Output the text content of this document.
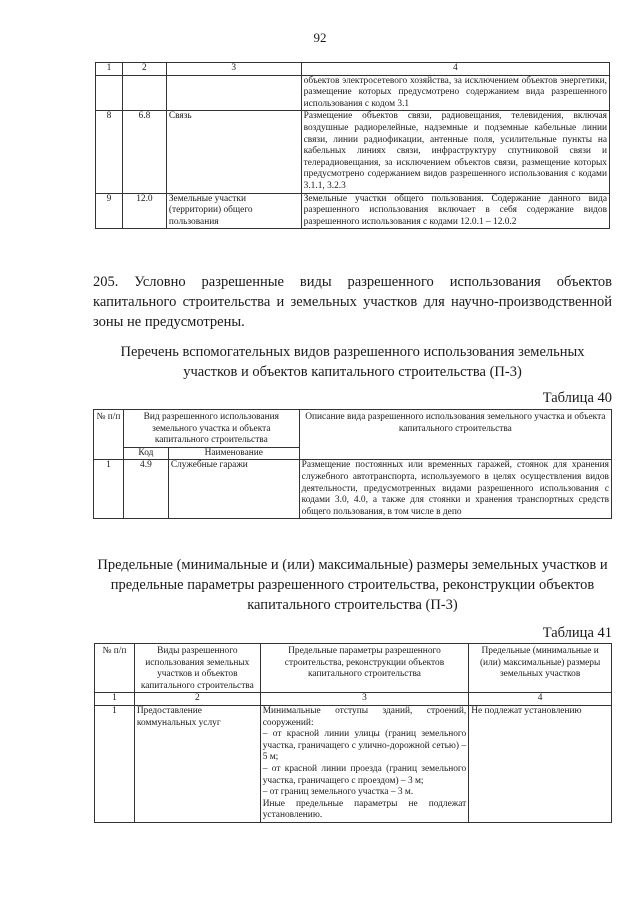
92
1	2	3	4
			объектов электросетевого хозяйства, за исключением объектов энергетики, размещение которых предусмотрено содержанием вида разрешенного использования с кодом 3.1
8	6.8	Связь	Размещение объектов связи, радиовещания, телевидения, включая воздушные радиорелейные, надземные и подземные кабельные линии связи, линии радиофикации, антенные поля, усилительные пункты на кабельных линиях связи, инфраструктуру спутниковой связи и телерадиовещания, за исключением объектов связи, размещение которых предусмотрено содержанием видов разрешенного использования с кодами 3.1.1, 3.2.3
9	12.0	Земельные участки (территории) общего пользования	Земельные участки общего пользования. Содержание данного вида разрешенного использования включает в себя содержание видов разрешенного использования с кодами 12.0.1 – 12.0.2
205. Условно разрешенные виды разрешенного использования объектов капитального строительства и земельных участков для научно-производственной зоны не предусмотрены.
Перечень вспомогательных видов разрешенного использования земельных участков и объектов капитального строительства (П-3)
Таблица 40
№ п/п	Вид разрешенного использования земельного участка и объекта капитального строительства		Описание вида разрешенного использования земельного участка и объекта капитального строительства
	Код	Наименование	
1	4.9	Служебные гаражи	Размещение постоянных или временных гаражей, стоянок для хранения служебного автотранспорта, используемого в целях осуществления видов деятельности, предусмотренных видами разрешенного использования с кодами 3.0, 4.0, а также для стоянки и хранения транспортных средств общего пользования, в том числе в депо
Предельные (минимальные и (или) максимальные) размеры земельных участков и предельные параметры разрешенного строительства, реконструкции объектов капитального строительства (П-3)
Таблица 41
№ п/п	Виды разрешенного использования земельных участков и объектов капитального строительства	Предельные параметры разрешенного строительства, реконструкции объектов капитального строительства	Предельные (минимальные и (или) максимальные) размеры земельных участков
1	2	3	4
1	Предоставление коммунальных услуг	Минимальные отступы зданий, строений, сооружений:
– от красной линии улицы (границ земельного участка, граничащего с улично-дорожной сетью) – 5 м;
– от красной линии проезда (границ земельного участка, граничащего с проездом) – 3 м;
– от границ земельного участка – 3 м.
Иные предельные параметры не подлежат установлению.	Не подлежат установлению
